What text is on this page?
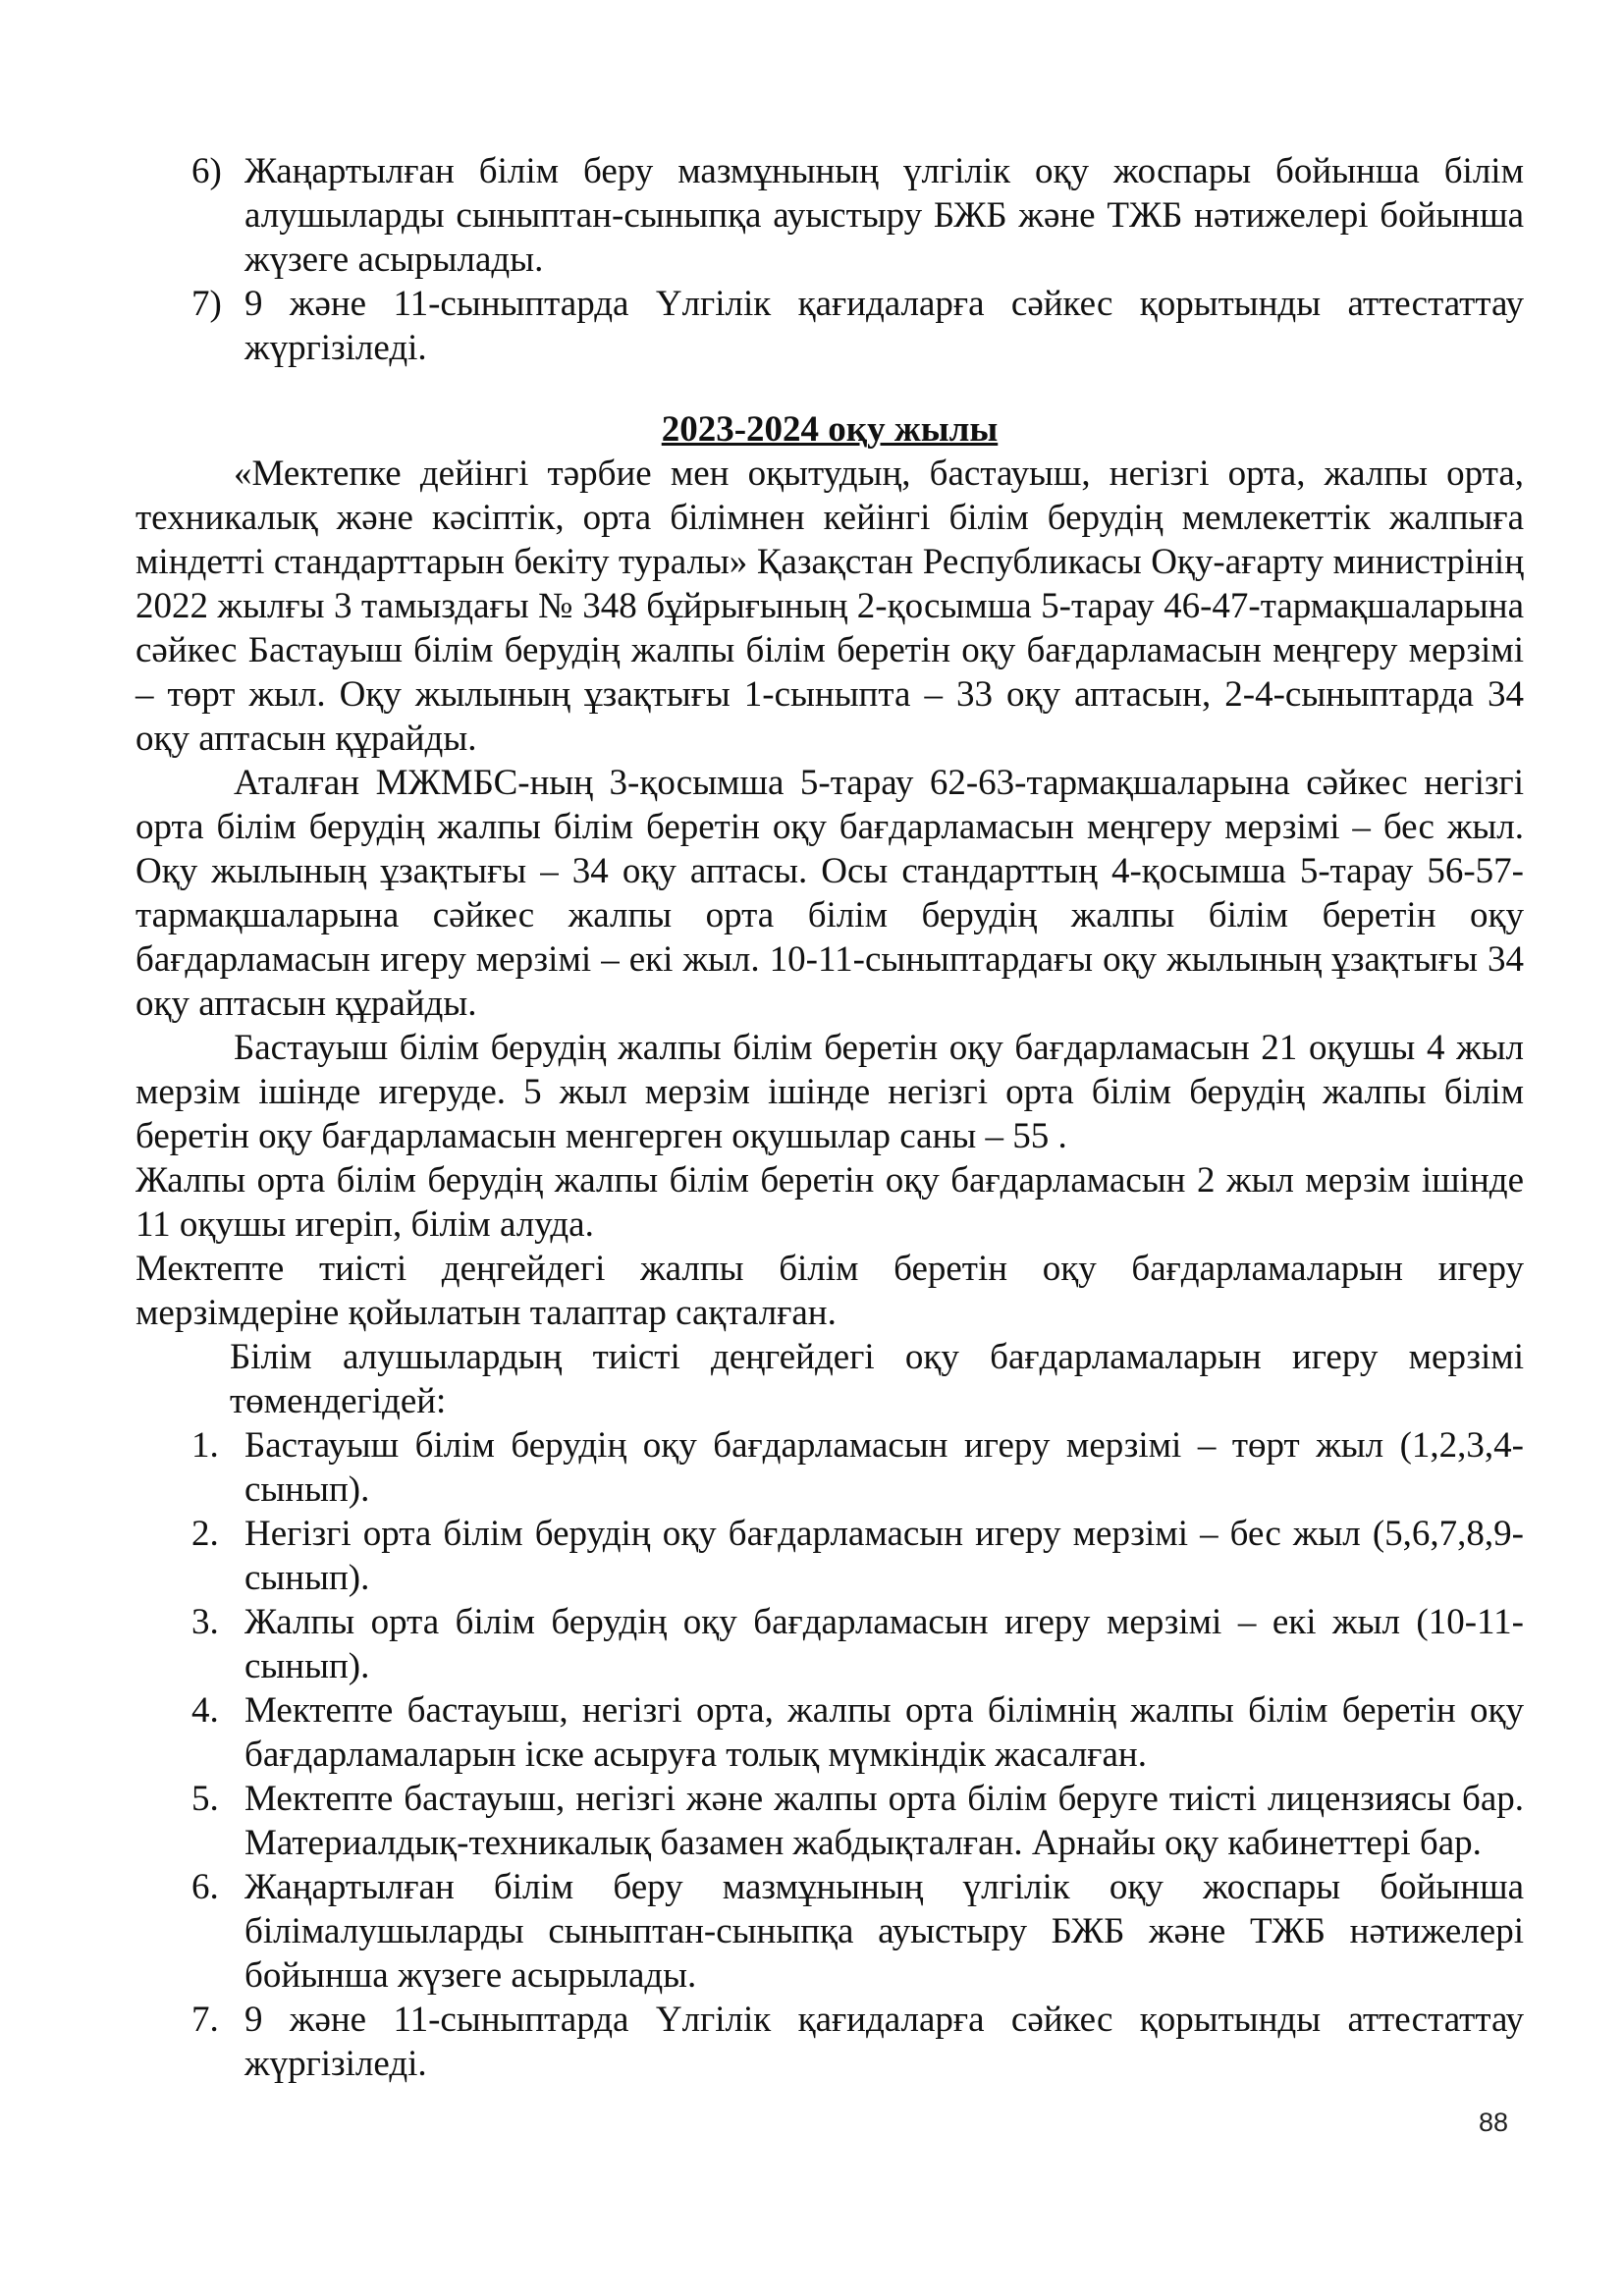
6) Жаңартылған білім беру мазмұнының үлгілік оқу жоспары бойынша білім алушыларды сыныптан-сыныпқа ауыстыру БЖБ және ТЖБ нәтижелері бойынша жүзеге асырылады.
7) 9 және 11-сыныптарда Үлгілік қағидаларға сәйкес қорытынды аттестаттау жүргізіледі.
2023-2024 оқу жылы

«Мектепке дейінгі тәрбие мен оқытудың, бастауыш, негізгі орта, жалпы орта, техникалық және кәсіптік, орта білімнен кейінгі білім берудің мемлекеттік жалпыға міндетті стандарттарын бекіту туралы» Қазақстан Республикасы Оқу-ағарту министрінің 2022 жылғы 3 тамыздағы № 348 бұйрығының 2-қосымша 5-тарау 46-47-тармақшаларына сәйкес Бастауыш білім берудің жалпы білім беретін оқу бағдарламасын меңгеру мерзімі – төрт жыл. Оқу жылының ұзақтығы 1-сыныпта – 33 оқу аптасын, 2-4-сыныптарда 34 оқу аптасын құрайды.

Аталған МЖМБС-ның 3-қосымша 5-тарау 62-63-тармақшаларына сәйкес негізгі орта білім берудің жалпы білім беретін оқу бағдарламасын меңгеру мерзімі – бес жыл. Оқу жылының ұзақтығы – 34 оқу аптасы. Осы стандарттың 4-қосымша 5-тарау 56-57-тармақшаларына сәйкес жалпы орта білім берудің жалпы білім беретін оқу бағдарламасын игеру мерзімі – екі жыл. 10-11-сыныптардағы оқу жылының ұзақтығы 34 оқу аптасын құрайды.

Бастауыш білім берудің жалпы білім беретін оқу бағдарламасын 21 оқушы 4 жыл мерзім ішінде игеруде. 5 жыл мерзім ішінде негізгі орта білім берудің жалпы білім беретін оқу бағдарламасын менгерген оқушылар саны – 55 .

Жалпы орта білім берудің жалпы білім беретін оқу бағдарламасын 2 жыл мерзім ішінде 11 оқушы игеріп, білім алуда.

Мектепте тиісті деңгейдегі жалпы білім беретін оқу бағдарламаларын игеру мерзімдеріне қойылатын талаптар сақталған.

Білім алушылардың тиісті деңгейдегі оқу бағдарламаларын игеру мерзімі төмендегідей:

1. Бастауыш білім берудің оқу бағдарламасын игеру мерзімі – төрт жыл (1,2,3,4-сынып).
2. Негізгі орта білім берудің оқу бағдарламасын игеру мерзімі – бес жыл (5,6,7,8,9-сынып).
3. Жалпы орта білім берудің оқу бағдарламасын игеру мерзімі – екі жыл (10-11-сынып).
4. Мектепте бастауыш, негізгі орта, жалпы орта білімнің жалпы білім беретін оқу бағдарламаларын іске асыруға толық мүмкіндік жасалған.
5. Мектепте бастауыш, негізгі және жалпы орта білім беруге тиісті лицензиясы бар. Материалдық-техникалық базамен жабдықталған. Арнайы оқу кабинеттері бар.
6. Жаңартылған білім беру мазмұнының үлгілік оқу жоспары бойынша білімалушыларды сыныптан-сыныпқа ауыстыру БЖБ және ТЖБ нәтижелері бойынша жүзеге асырылады.
7. 9 және 11-сыныптарда Үлгілік қағидаларға сәйкес қорытынды аттестаттау жүргізіледі.
88
